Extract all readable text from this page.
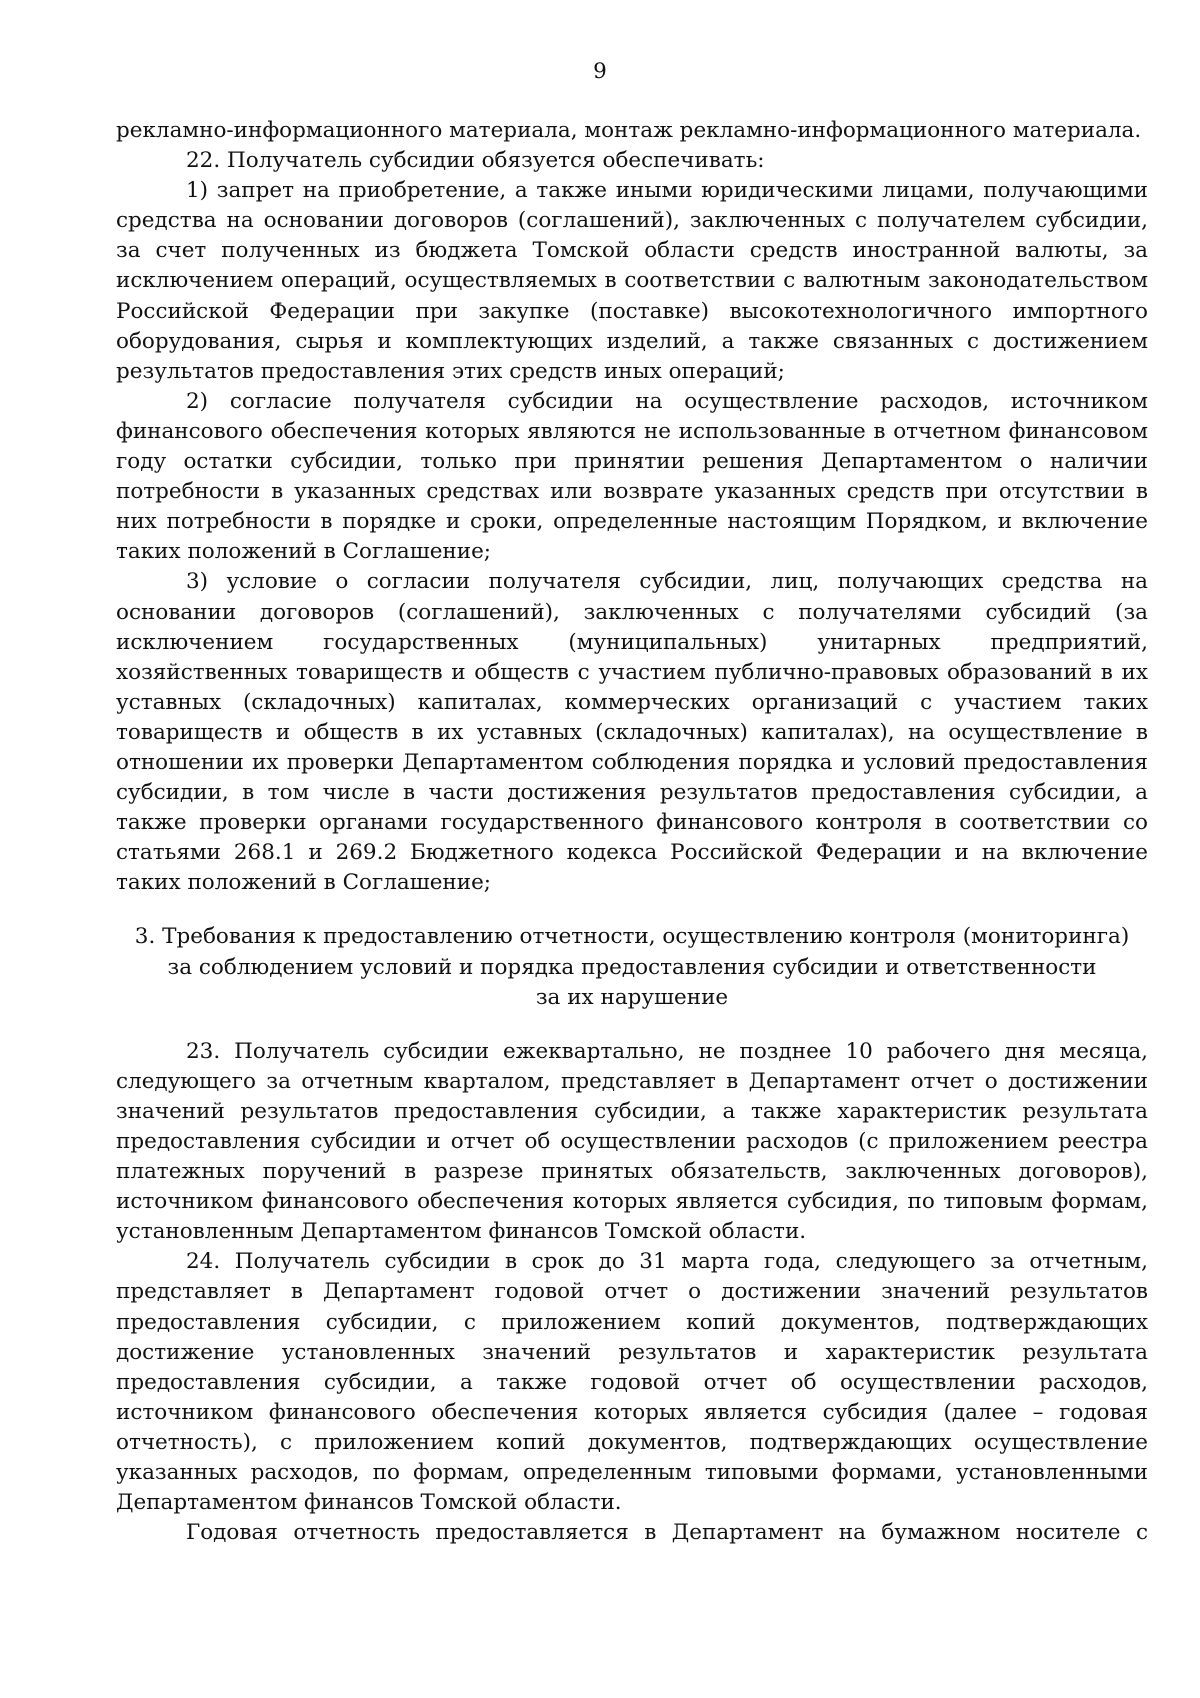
9

рекламно-информационного материала, монтаж рекламно-информационного материала.

22. Получатель субсидии обязуется обеспечивать:

1) запрет на приобретение, а также иными юридическими лицами, получающими средства на основании договоров (соглашений), заключенных с получателем субсидии, за счет полученных из бюджета Томской области средств иностранной валюты, за исключением операций, осуществляемых в соответствии с валютным законодательством Российской Федерации при закупке (поставке) высокотехнологичного импортного оборудования, сырья и комплектующих изделий, а также связанных с достижением результатов предоставления этих средств иных операций;

2) согласие получателя субсидии на осуществление расходов, источником финансового обеспечения которых являются не использованные в отчетном финансовом году остатки субсидии, только при принятии решения Департаментом о наличии потребности в указанных средствах или возврате указанных средств при отсутствии в них потребности в порядке и сроки, определенные настоящим Порядком, и включение таких положений в Соглашение;

3) условие о согласии получателя субсидии, лиц, получающих средства на основании договоров (соглашений), заключенных с получателями субсидий (за исключением государственных (муниципальных) унитарных предприятий, хозяйственных товариществ и обществ с участием публично-правовых образований в их уставных (складочных) капиталах, коммерческих организаций с участием таких товариществ и обществ в их уставных (складочных) капиталах), на осуществление в отношении их проверки Департаментом соблюдения порядка и условий предоставления субсидии, в том числе в части достижения результатов предоставления субсидии, а также проверки органами государственного финансового контроля в соответствии со статьями 268.1 и 269.2 Бюджетного кодекса Российской Федерации и на включение таких положений в Соглашение;

3. Требования к предоставлению отчетности, осуществлению контроля (мониторинга)
за соблюдением условий и порядка предоставления субсидии и ответственности
за их нарушение

23. Получатель субсидии ежеквартально, не позднее 10 рабочего дня месяца, следующего за отчетным кварталом, представляет в Департамент отчет о достижении значений результатов предоставления субсидии, а также характеристик результата предоставления субсидии и отчет об осуществлении расходов (с приложением реестра платежных поручений в разрезе принятых обязательств, заключенных договоров), источником финансового обеспечения которых является субсидия, по типовым формам, установленным Департаментом финансов Томской области.

24. Получатель субсидии в срок до 31 марта года, следующего за отчетным, представляет в Департамент годовой отчет о достижении значений результатов предоставления субсидии, с приложением копий документов, подтверждающих достижение установленных значений результатов и характеристик результата предоставления субсидии, а также годовой отчет об осуществлении расходов, источником финансового обеспечения которых является субсидия (далее – годовая отчетность), с приложением копий документов, подтверждающих осуществление указанных расходов, по формам, определенным типовыми формами, установленными Департаментом финансов Томской области.

Годовая отчетность предоставляется в Департамент на бумажном носителе с
